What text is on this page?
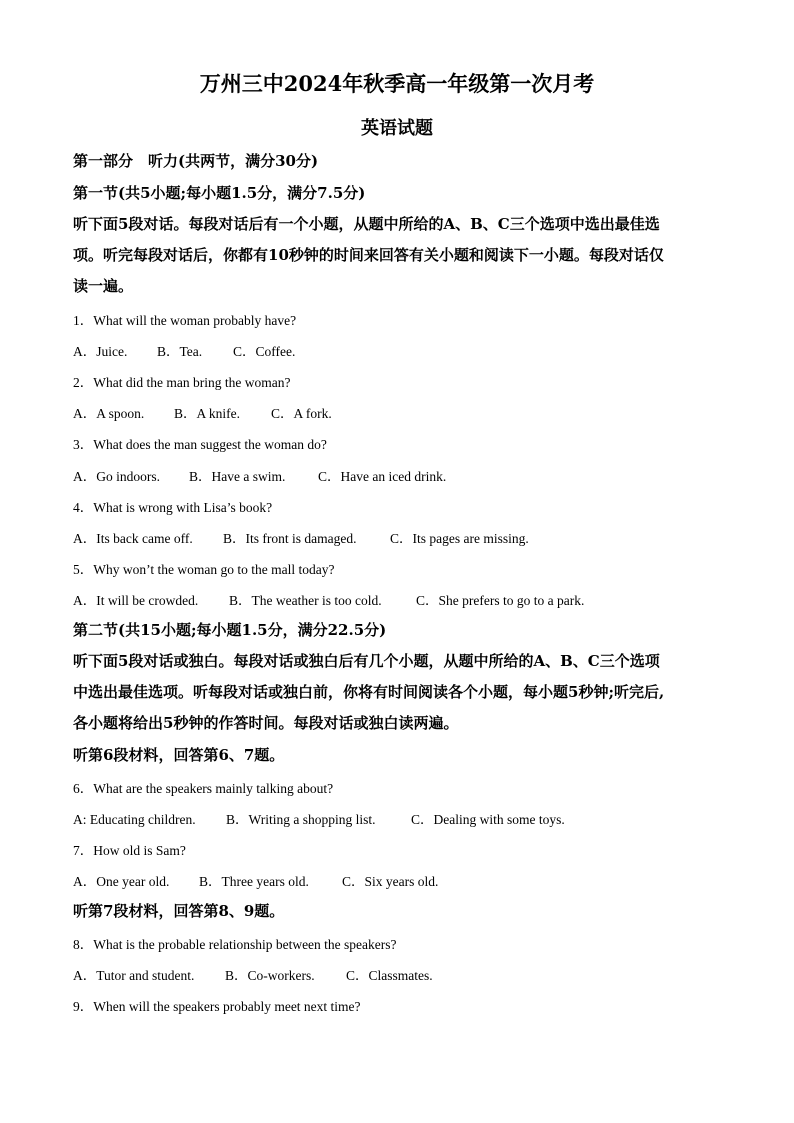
万州三中2024年秋季高一年级第一次月考
英语试题
第一部分　听力(共两节，满分30分)
第一节(共5小题;每小题1.5分，满分7.5分)
听下面5段对话。每段对话后有一个小题，从题中所给的A、B、C三个选项中选出最佳选
项。听完每段对话后，你都有10秒钟的时间来回答有关小题和阅读下一小题。每段对话仅
读一遍。
1．What will the woman probably have?
A．Juice. B．Tea. C．Coffee.
2．What did the man bring the woman?
A．A spoon. B．A knife. C．A fork.
3．What does the man suggest the woman do?
A．Go indoors. B．Have a swim. C．Have an iced drink.
4．What is wrong with Lisa’s book?
A．Its back came off. B．Its front is damaged. C．Its pages are missing.
5．Why won’t the woman go to the mall today?
A．It will be crowded. B．The weather is too cold.	C．She prefers to go to a park.
第二节(共15小题;每小题1.5分，满分22.5分)
听下面5段对话或独白。每段对话或独白后有几个小题，从题中所给的A、B、C三个选项
中选出最佳选项。听每段对话或独白前，你将有时间阅读各个小题，每小题5秒钟;听完后,
各小题将给出5秒钟的作答时间。每段对话或独白读两遍。
听第6段材料，回答第6、7题。
6．What are the speakers mainly talking about?
A: Educating children. B．Writing a shopping list.	C．Dealing with some toys.
7．How old is Sam?
A．One year old. B．Three years old. C．Six years old.
听第7段材料，回答第8、9题。
8．What is the probable relationship between the speakers?
A．Tutor and student. B．Co-workers. C．Classmates.
9．When will the speakers probably meet next time?
